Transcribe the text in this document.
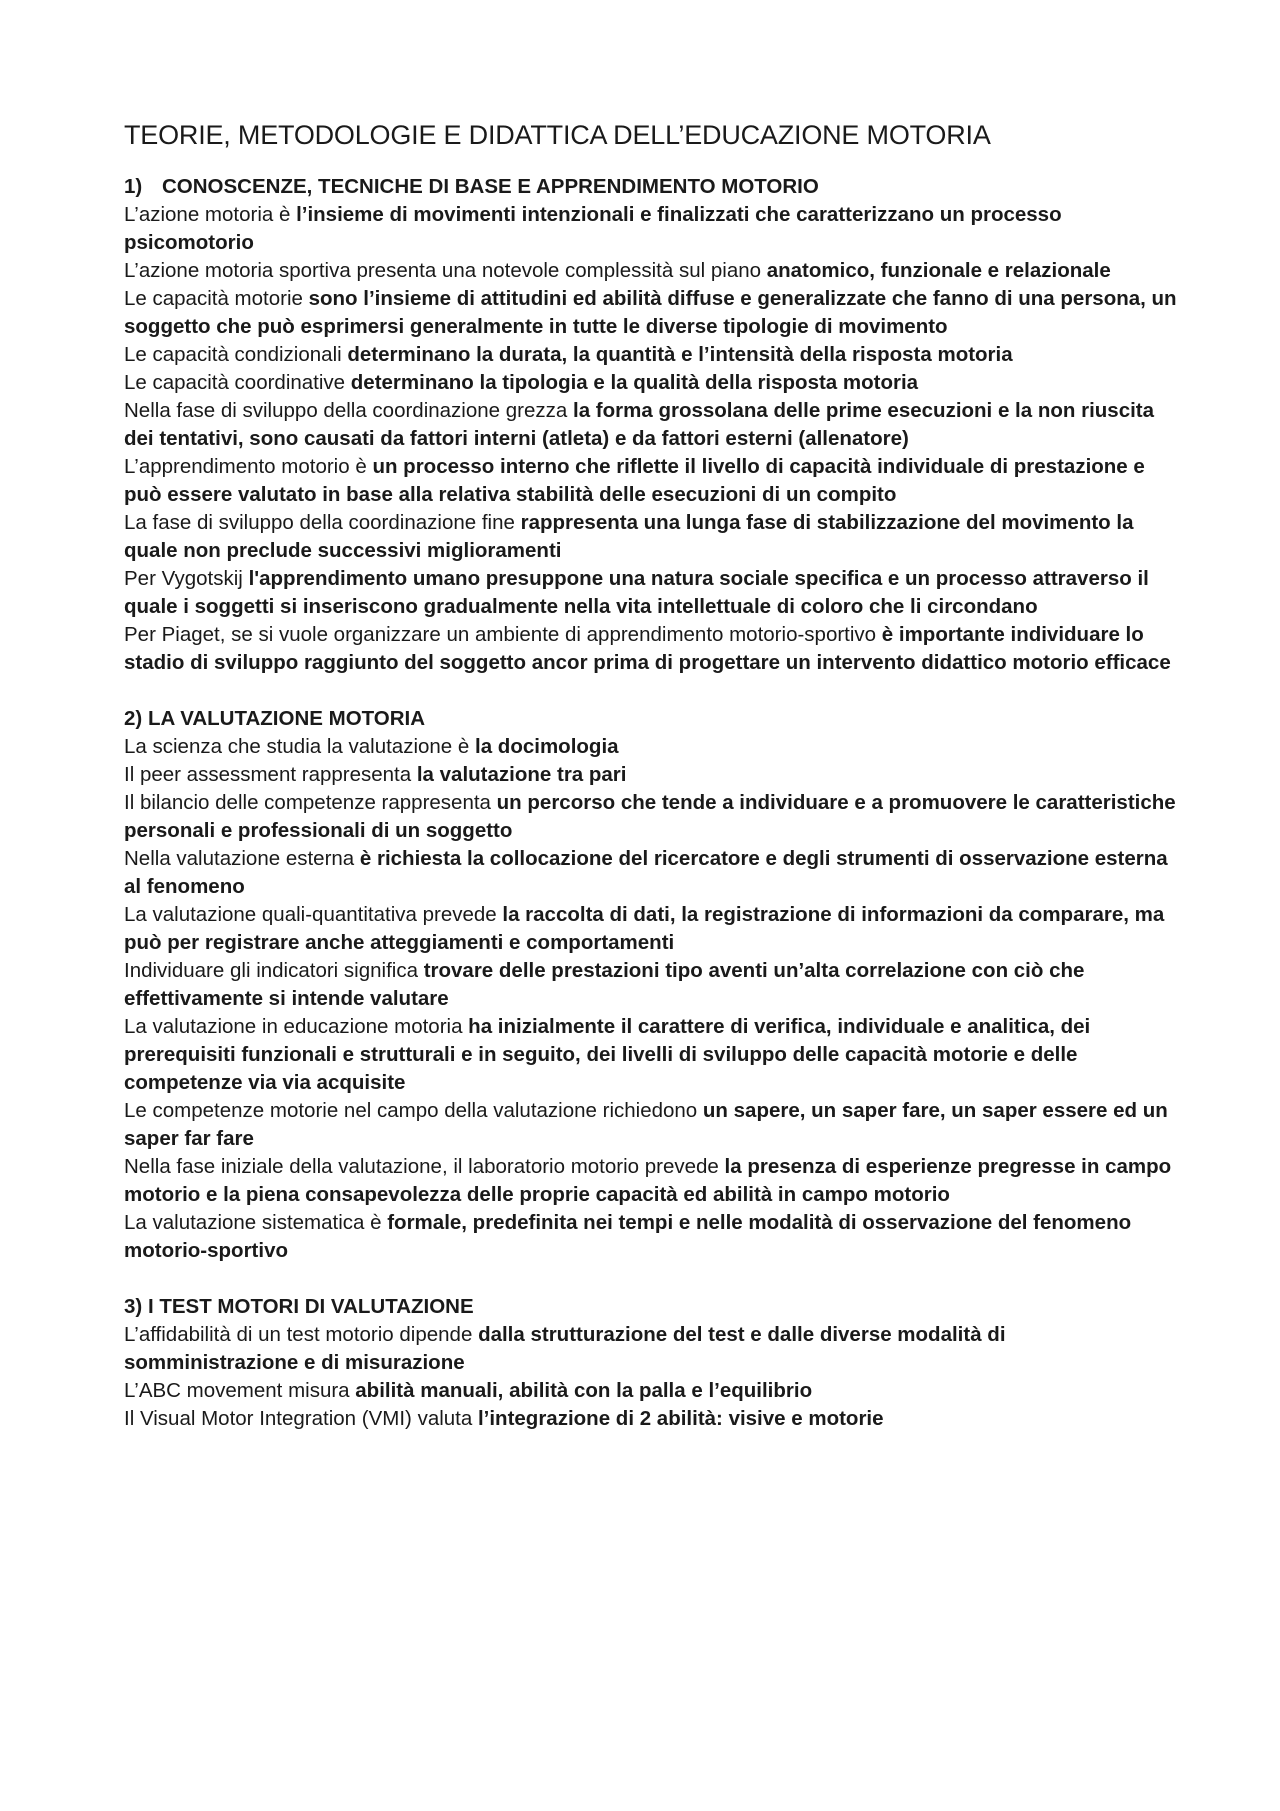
TEORIE, METODOLOGIE E DIDATTICA DELL’EDUCAZIONE MOTORIA

1) CONOSCENZE, TECNICHE DI BASE E APPRENDIMENTO MOTORIO

L’azione motoria è l’insieme di movimenti intenzionali e finalizzati che caratterizzano un processo psicomotorio

L’azione motoria sportiva presenta una notevole complessità sul piano anatomico, funzionale e relazionale

Le capacità motorie sono l’insieme di attitudini ed abilità diffuse e generalizzate che fanno di una persona, un soggetto che può esprimersi generalmente in tutte le diverse tipologie di movimento

Le capacità condizionali determinano la durata, la quantità e l’intensità della risposta motoria

Le capacità coordinative determinano la tipologia e la qualità della risposta motoria

Nella fase di sviluppo della coordinazione grezza la forma grossolana delle prime esecuzioni e la non riuscita dei tentativi, sono causati da fattori interni (atleta) e da fattori esterni (allenatore)

L’apprendimento motorio è un processo interno che riflette il livello di capacità individuale di prestazione e può essere valutato in base alla relativa stabilità delle esecuzioni di un compito

La fase di sviluppo della coordinazione fine rappresenta una lunga fase di stabilizzazione del movimento la quale non preclude successivi miglioramenti

Per Vygotskij l'apprendimento umano presuppone una natura sociale specifica e un processo attraverso il quale i soggetti si inseriscono gradualmente nella vita intellettuale di coloro che li circondano

Per Piaget, se si vuole organizzare un ambiente di apprendimento motorio-sportivo è importante individuare lo stadio di sviluppo raggiunto del soggetto ancor prima di progettare un intervento didattico motorio efficace

2) LA VALUTAZIONE MOTORIA

La scienza che studia la valutazione è la docimologia

Il peer assessment rappresenta la valutazione tra pari

Il bilancio delle competenze rappresenta un percorso che tende a individuare e a promuovere le caratteristiche personali e professionali di un soggetto

Nella valutazione esterna è richiesta la collocazione del ricercatore e degli strumenti di osservazione esterna al fenomeno

La valutazione quali-quantitativa prevede la raccolta di dati, la registrazione di informazioni da comparare, ma può per registrare anche atteggiamenti e comportamenti

Individuare gli indicatori significa trovare delle prestazioni tipo aventi un’alta correlazione con ciò che effettivamente si intende valutare

La valutazione in educazione motoria ha inizialmente il carattere di verifica, individuale e analitica, dei prerequisiti funzionali e strutturali e in seguito, dei livelli di sviluppo delle capacità motorie e delle competenze via via acquisite

Le competenze motorie nel campo della valutazione richiedono un sapere, un saper fare, un saper essere ed un saper far fare

Nella fase iniziale della valutazione, il laboratorio motorio prevede la presenza di esperienze pregresse in campo motorio e la piena consapevolezza delle proprie capacità ed abilità in campo motorio

La valutazione sistematica è formale, predefinita nei tempi e nelle modalità di osservazione del fenomeno motorio-sportivo

3) I TEST MOTORI DI VALUTAZIONE

L’affidabilità di un test motorio dipende dalla strutturazione del test e dalle diverse modalità di somministrazione e di misurazione

L’ABC movement misura abilità manuali, abilità con la palla e l’equilibrio

Il Visual Motor Integration (VMI) valuta l’integrazione di 2 abilità: visive e motorie
